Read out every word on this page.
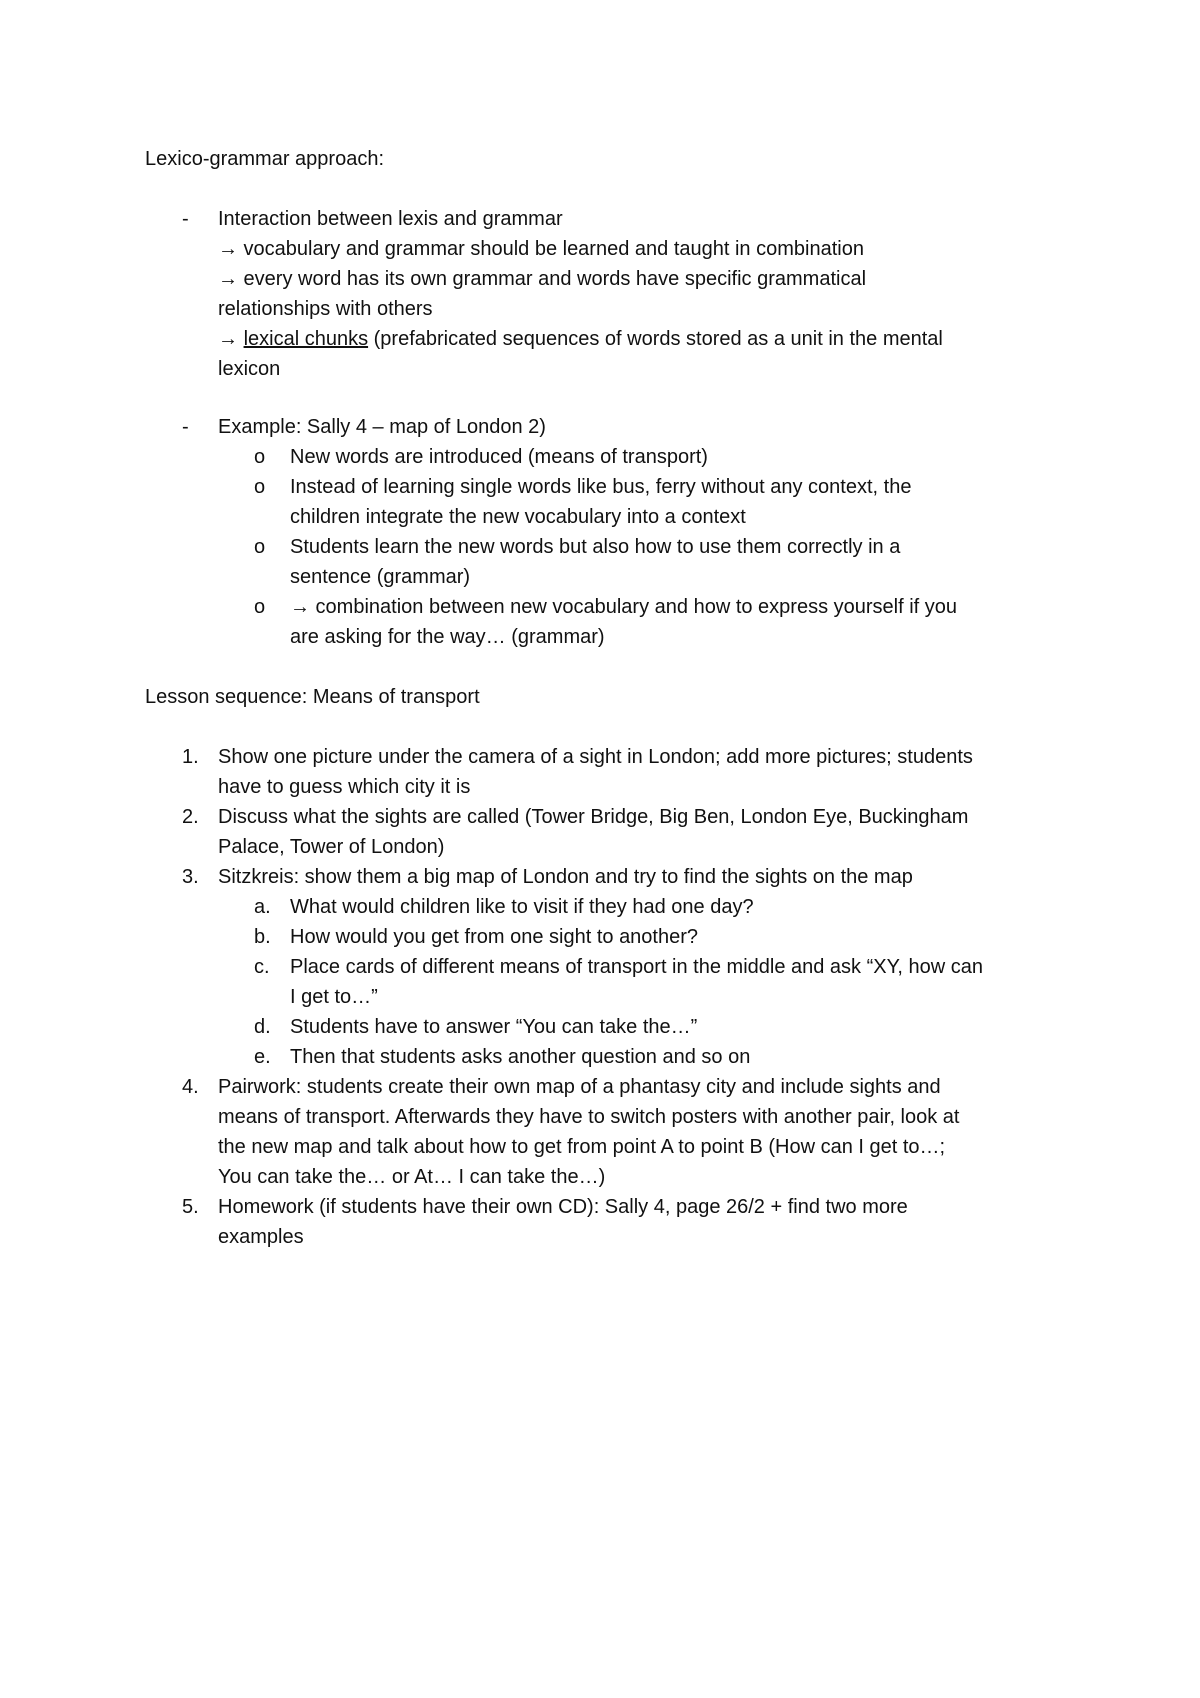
Lexico-grammar approach:
- Interaction between lexis and grammar
→ vocabulary and grammar should be learned and taught in combination
→ every word has its own grammar and words have specific grammatical
relationships with others
→ lexical chunks (prefabricated sequences of words stored as a unit in the mental
lexicon
- Example: Sally 4 – map of London 2)
o New words are introduced (means of transport)
o Instead of learning single words like bus, ferry without any context, the
children integrate the new vocabulary into a context
o Students learn the new words but also how to use them correctly in a
sentence (grammar)
o → combination between new vocabulary and how to express yourself if you
are asking for the way… (grammar)
Lesson sequence: Means of transport
1. Show one picture under the camera of a sight in London; add more pictures; students
have to guess which city it is
2. Discuss what the sights are called (Tower Bridge, Big Ben, London Eye, Buckingham
Palace, Tower of London)
3. Sitzkreis: show them a big map of London and try to find the sights on the map
a. What would children like to visit if they had one day?
b. How would you get from one sight to another?
c. Place cards of different means of transport in the middle and ask “XY, how can
I get to…”
d. Students have to answer “You can take the…”
e. Then that students asks another question and so on
4. Pairwork: students create their own map of a phantasy city and include sights and
means of transport. Afterwards they have to switch posters with another pair, look at
the new map and talk about how to get from point A to point B (How can I get to…;
You can take the… or At… I can take the…)
5. Homework (if students have their own CD): Sally 4, page 26/2 + find two more
examples
